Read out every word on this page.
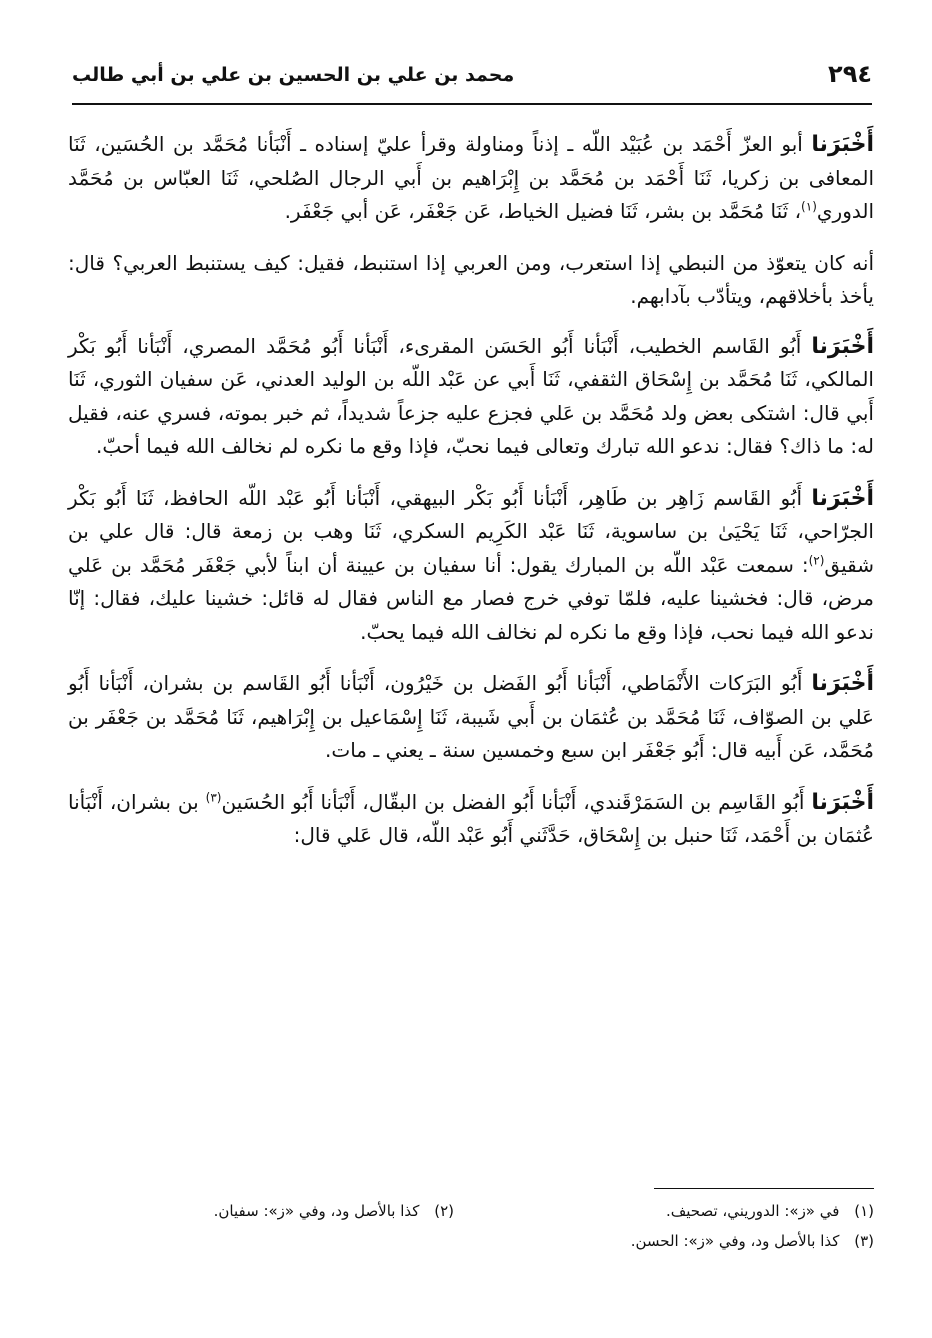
٢٩٤
محمد بن علي بن الحسين بن علي بن أبي طالب

أَخْبَرَنا أبو العزّ أَحْمَد بن عُبَيْد اللّه ـ إذناً ومناولة وقرأ عليّ إسناده ـ أَنْبَأنا مُحَمَّد بن الحُسَين، ثَنَا المعافى بن زكريا، ثَنَا أَحْمَد بن مُحَمَّد بن إِبْرَاهيم بن أَبي الرجال الصُلحي، ثَنَا العبّاس بن مُحَمَّد الدوري$^{(١)}$، ثَنَا مُحَمَّد بن بشر، ثَنَا فضيل الخياط، عَن جَعْفَر، عَن أبي جَعْفَر.

أنه كان يتعوّذ من النبطي إذا استعرب، ومن العربي إذا استنبط، فقيل: كيف يستنبط العربي؟ قال: يأخذ بأخلاقهم، ويتأدّب بآدابهم.

أَخْبَرَنا أَبُو القَاسم الخطيب، أَنْبَأنا أَبُو الحَسَن المقرىء، أَنْبَأنا أَبُو مُحَمَّد المصري، أَنْبَأنا أَبُو بَكْر المالكي، ثَنَا مُحَمَّد بن إِسْحَاق الثقفي، ثَنَا أَبي عن عَبْد اللّه بن الوليد العدني، عَن سفيان الثوري، ثَنَا أَبي قال: اشتكى بعض ولد مُحَمَّد بن عَلي فجزع عليه جزعاً شديداً، ثم خبر بموته، فسري عنه، فقيل له: ما ذاك؟ فقال: ندعو الله تبارك وتعالى فيما نحبّ، فإذا وقع ما نكره لم نخالف الله فيما أحبّ.

أَخْبَرَنا أَبُو القَاسم زَاهِر بن طَاهِر، أَنْبَأنا أَبُو بَكْر البيهقي، أَنْبَأنا أَبُو عَبْد اللّه الحافظ، ثَنَا أَبُو بَكْر الجرّاحي، ثَنَا يَحْيَىٰ بن ساسوية، ثَنَا عَبْد الكَرِيم السكري، ثَنَا وهب بن زمعة قال: قال علي بن شقيق$^{(٢)}$: سمعت عَبْد اللّه بن المبارك يقول: أنا سفيان بن عيينة أن ابناً لأبي جَعْفَر مُحَمَّد بن عَلي مرض، قال: فخشينا عليه، فلمّا توفي خرج فصار مع الناس فقال له قائل: خشينا عليك، فقال: إنّا ندعو الله فيما نحب، فإذا وقع ما نكره لم نخالف الله فيما يحبّ.

أَخْبَرَنا أَبُو البَرَكات الأَنْمَاطي، أَنْبَأنا أَبُو الفَضل بن خَيْرُون، أَنْبَأنا أَبُو القَاسم بن بشران، أَنْبَأنا أَبُو عَلي بن الصوّاف، ثَنَا مُحَمَّد بن عُثمَان بن أَبي شَيبة، ثَنَا إِسْمَاعيل بن إِبْرَاهيم، ثَنَا مُحَمَّد بن جَعْفَر بن مُحَمَّد، عَن أَبيه قال: أَبُو جَعْفَر ابن سبع وخمسين سنة ـ يعني ـ مات.

أَخْبَرَنا أَبُو القَاسِم بن السَمَرْقَندي، أَنْبَأنا أَبُو الفضل بن البقّال، أَنْبَأنا أَبُو الحُسَين$^{(٣)}$ بن بشران، أَنْبَأنا عُثمَان بن أَحْمَد، ثَنَا حنبل بن إِسْحَاق، حَدَّثَني أَبُو عَبْد اللّه، قال عَلي قال:

(١) في «ز»: الدوريني، تصحيف.
(٢) كذا بالأصل ود، وفي «ز»: سفيان.
(٣) كذا بالأصل ود، وفي «ز»: الحسن.
